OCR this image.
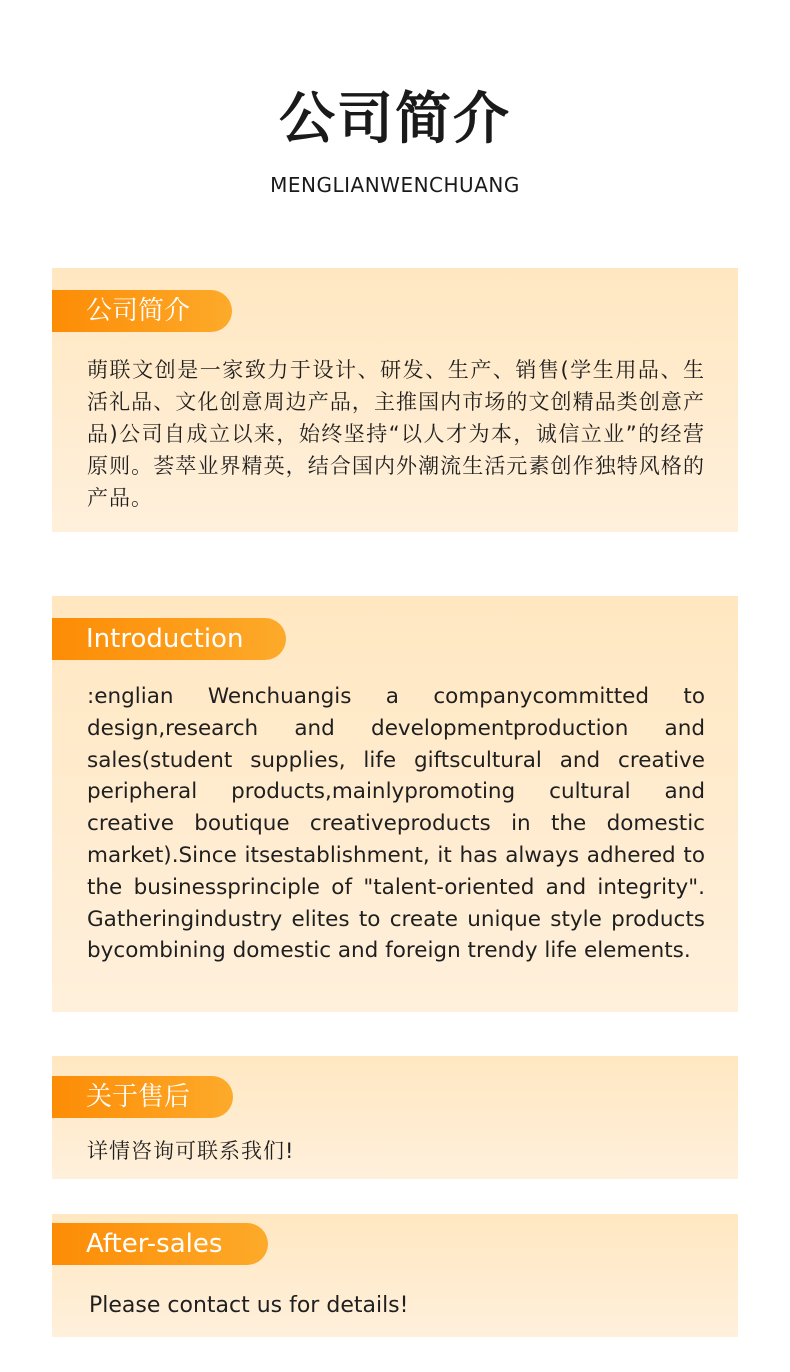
公司简介
MENGLIANWENCHUANG
公司简介
萌联文创是一家致力于设计、研发、生产、销售(学生用品、生活礼品、文化创意周边产品，主推国内市场的文创精品类创意产品)公司自成立以来，始终坚持“以人才为本，诚信立业”的经营原则。荟萃业界精英，结合国内外潮流生活元素创作独特风格的产品。
Introduction
:englian Wenchuangis a companycommitted to design,research and developmentproduction and sales(student supplies, life giftscultural and creative peripheral products,mainlypromoting cultural and creative boutique creativeproducts in the domestic market).Since itsestablishment, it has always adhered to the businessprinciple of "talent-oriented and integrity". Gatheringindustry elites to create unique style products bycombining domestic and foreign trendy life elements.
关于售后
详情咨询可联系我们!
After-sales
Please contact us for details!
